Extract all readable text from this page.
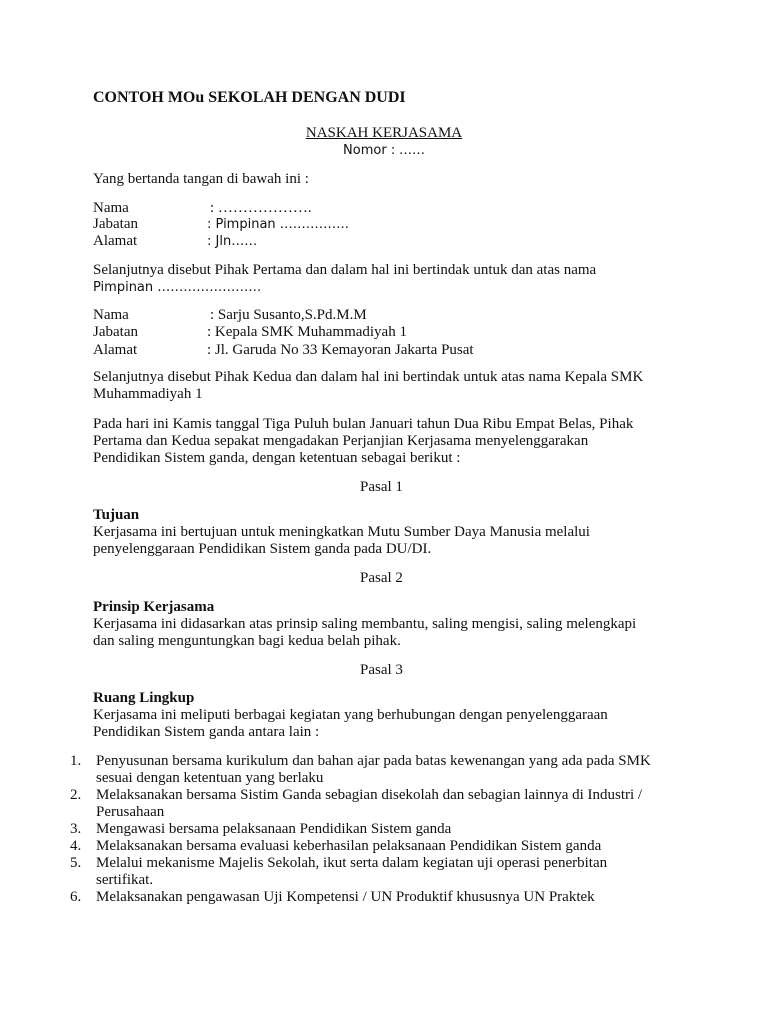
CONTOH MOu SEKOLAH DENGAN DUDI
NASKAH KERJASAMA
Nomor : ……
Yang bertanda tangan di bawah ini :
Nama	: ……………….
Jabatan	: Pimpinan …………….
Alamat	: Jln……
Selanjutnya disebut Pihak Pertama dan dalam hal ini bertindak untuk dan atas nama
Pimpinan ……………………
Nama	: Sarju Susanto,S.Pd.M.M
Jabatan	: Kepala SMK Muhammadiyah 1
Alamat	: Jl. Garuda No 33 Kemayoran Jakarta Pusat
Selanjutnya disebut Pihak Kedua dan dalam hal ini bertindak untuk atas nama Kepala SMK
Muhammadiyah 1
Pada hari ini Kamis tanggal Tiga Puluh bulan Januari tahun Dua Ribu Empat Belas, Pihak
Pertama dan Kedua sepakat mengadakan Perjanjian Kerjasama menyelenggarakan
Pendidikan Sistem ganda, dengan ketentuan sebagai berikut :
Pasal 1
Tujuan
Kerjasama ini bertujuan untuk meningkatkan Mutu Sumber Daya Manusia melalui
penyelenggaraan Pendidikan Sistem ganda pada DU/DI.
Pasal 2
Prinsip Kerjasama
Kerjasama ini didasarkan atas prinsip saling membantu, saling mengisi, saling melengkapi
dan saling menguntungkan bagi kedua belah pihak.
Pasal 3
Ruang Lingkup
Kerjasama ini meliputi berbagai kegiatan yang berhubungan dengan penyelenggaraan
Pendidikan Sistem ganda antara lain :
1. Penyusunan bersama kurikulum dan bahan ajar pada batas kewenangan yang ada pada SMK
sesuai dengan ketentuan yang berlaku
2. Melaksanakan bersama Sistim Ganda sebagian disekolah dan sebagian lainnya di Industri /
Perusahaan
3. Mengawasi bersama pelaksanaan Pendidikan Sistem ganda
4. Melaksanakan bersama evaluasi keberhasilan pelaksanaan Pendidikan Sistem ganda
5. Melalui mekanisme Majelis Sekolah, ikut serta dalam kegiatan uji operasi penerbitan
sertifikat.
6. Melaksanakan pengawasan Uji Kompetensi / UN Produktif khususnya UN Praktek
